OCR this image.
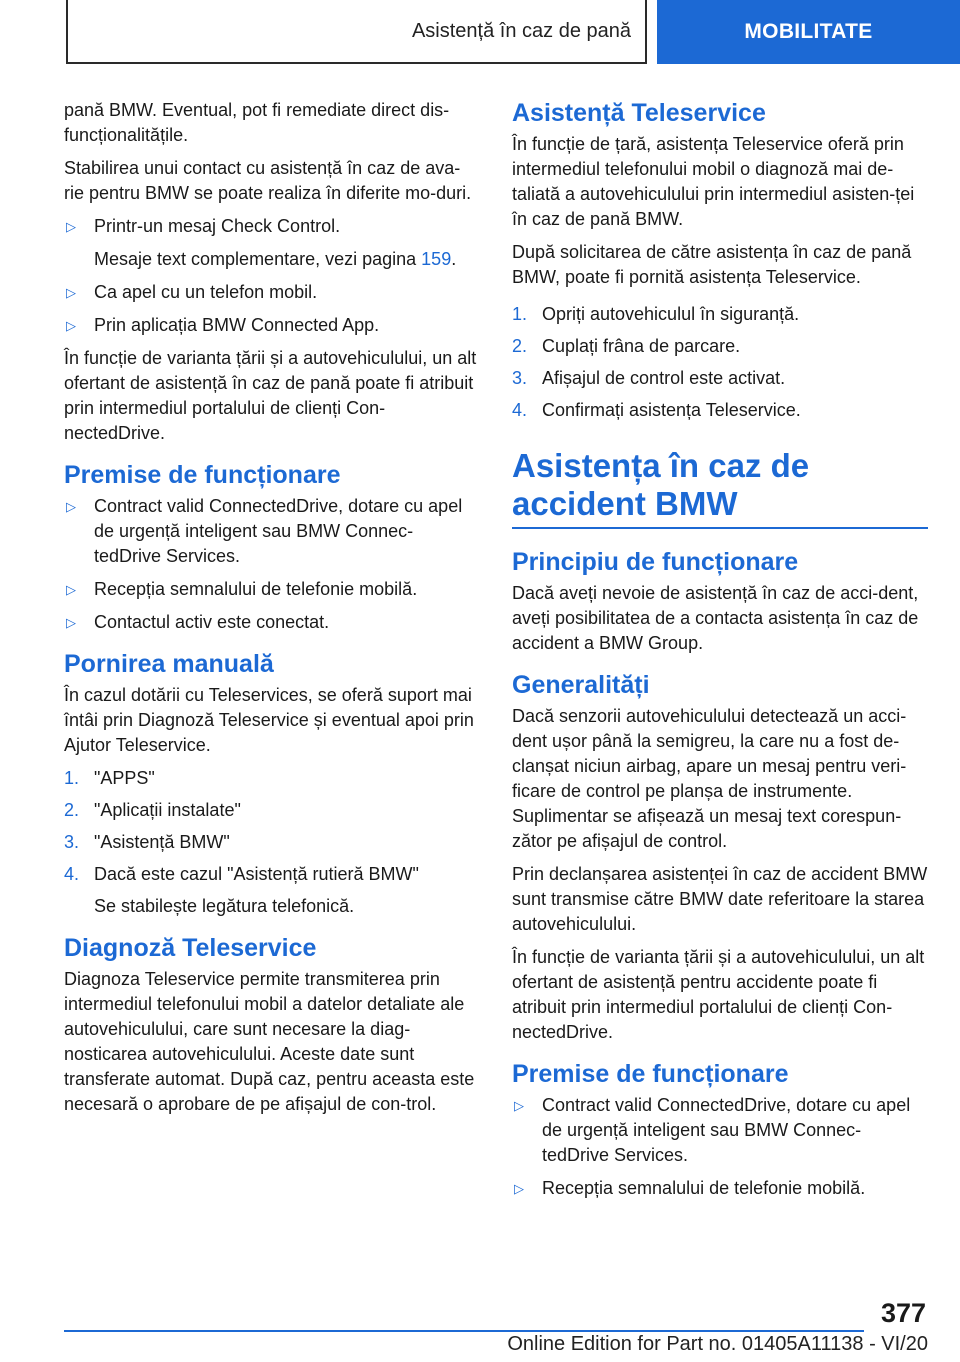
Asistență în caz de pană	MOBILITATE

pană BMW. Eventual, pot fi remediate direct dis-funcționalitățile.

Stabilirea unui contact cu asistență în caz de ava-rie pentru BMW se poate realiza în diferite mo-duri.

▷	Printr-un mesaj Check Control.

Mesaje text complementare, vezi pagina 159.

▷	Ca apel cu un telefon mobil.
▷	Prin aplicația BMW Connected App.

În funcție de varianta țării și a autovehiculului, un alt ofertant de asistență în caz de pană poate fi atribuit prin intermediul portalului de clienți Con-nectedDrive.

Premise de funcționare
▷	Contract valid ConnectedDrive, dotare cu apel de urgență inteligent sau BMW Connec-tedDrive Services.
▷	Recepția semnalului de telefonie mobilă.
▷	Contactul activ este conectat.
Pornirea manuală

În cazul dotării cu Teleservices, se oferă suport mai întâi prin Diagnoză Teleservice și eventual apoi prin Ajutor Teleservice.

1. "APPS"
2. "Aplicații instalate"
3. "Asistență BMW"
4. Dacă este cazul "Asistență rutieră BMW"

Se stabilește legătura telefonică.

Diagnoză Teleservice

Diagnoza Teleservice permite transmiterea prin intermediul telefonului mobil a datelor detaliate ale autovehiculului, care sunt necesare la diag-nosticarea autovehiculului. Aceste date sunt transferate automat. După caz, pentru aceasta este necesară o aprobare de pe afișajul de con-trol.

Asistență Teleservice

În funcție de țară, asistența Teleservice oferă prin intermediul telefonului mobil o diagnoză mai de-taliată a autovehiculului prin intermediul asisten-ței în caz de pană BMW.

După solicitarea de către asistența în caz de pană BMW, poate fi pornită asistența Teleservice.

1. Opriți autovehiculul în siguranță.
2. Cuplați frâna de parcare.
3. Afișajul de control este activat.
4. Confirmați asistența Teleservice.
Asistența în caz de
accident BMW
Principiu de funcționare

Dacă aveți nevoie de asistență în caz de acci-dent, aveți posibilitatea de a contacta asistența în caz de accident a BMW Group.

Generalități

Dacă senzorii autovehiculului detectează un acci-dent ușor până la semigreu, la care nu a fost de-clanșat niciun airbag, apare un mesaj pentru veri-ficare de control pe planșa de instrumente. Suplimentar se afișează un mesaj text corespun-zător pe afișajul de control.

Prin declanșarea asistenței în caz de accident BMW sunt transmise către BMW date referitoare la starea autovehiculului.

În funcție de varianta țării și a autovehiculului, un alt ofertant de asistență pentru accidente poate fi atribuit prin intermediul portalului de clienți Con-nectedDrive.

Premise de funcționare
▷	Contract valid ConnectedDrive, dotare cu apel de urgență inteligent sau BMW Connec-tedDrive Services.
▷	Recepția semnalului de telefonie mobilă.
377
Online Edition for Part no. 01405A11138 - VI/20
